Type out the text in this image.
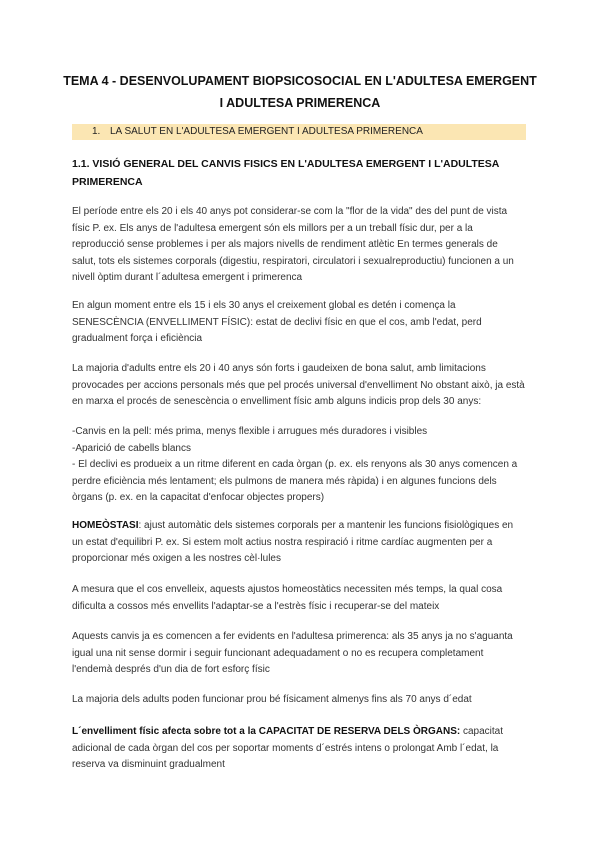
TEMA 4 - DESENVOLUPAMENT BIOPSICOSOCIAL EN L'ADULTESA EMERGENT
I ADULTESA PRIMERENCA
1. LA SALUT EN L'ADULTESA EMERGENT I ADULTESA PRIMERENCA
1.1. VISIÓ GENERAL DEL CANVIS FISICS EN L'ADULTESA EMERGENT I L'ADULTESA
PRIMERENCA
El període entre els 20 i els 40 anys pot considerar-se com la "flor de la vida" des del punt de vista
físic P. ex. Els anys de l'adultesa emergent són els millors per a un treball físic dur, per a la
reproducció sense problemes i per als majors nivells de rendiment atlètic En termes generals de
salut, tots els sistemes corporals (digestiu, respiratori, circulatori i sexualreproductiu) funcionen a un
nivell òptim durant l´adultesa emergent i primerenca
En algun moment entre els 15 i els 30 anys el creixement global es detén i comença la
SENESCÈNCIA (ENVELLIMENT FÍSIC): estat de declivi físic en que el cos, amb l'edat, perd
gradualment força i eficiència
La majoria d'adults entre els 20 i 40 anys són forts i gaudeixen de bona salut, amb limitacions
provocades per accions personals més que pel procés universal d'envelliment No obstant això, ja està
en marxa el procés de senescència o envelliment físic amb alguns indicis prop dels 30 anys:
-Canvis en la pell: més prima, menys flexible i arrugues més duradores i visibles
-Aparició de cabells blancs
- El declivi es produeix a un ritme diferent en cada òrgan (p. ex. els renyons als 30 anys comencen a
perdre eficiència més lentament; els pulmons de manera més ràpida) i en algunes funcions dels
òrgans (p. ex. en la capacitat d'enfocar objectes propers)
HOMEÒSTASI: ajust automàtic dels sistemes corporals per a mantenir les funcions fisiològiques en
un estat d'equilibri P. ex. Si estem molt actius nostra respiració i ritme cardíac augmenten per a
proporcionar més oxigen a les nostres cèl·lules
A mesura que el cos envelleix, aquests ajustos homeostàtics necessiten més temps, la qual cosa
dificulta a cossos més envellits l'adaptar-se a l'estrès físic i recuperar-se del mateix
Aquests canvis ja es comencen a fer evidents en l'adultesa primerenca: als 35 anys ja no s'aguanta
igual una nit sense dormir i seguir funcionant adequadament o no es recupera completament
l'endemà després d'un dia de fort esforç físic
La majoria dels adults poden funcionar prou bé físicament almenys fins als 70 anys d´edat
L´envelliment físic afecta sobre tot a la CAPACITAT DE RESERVA DELS ÒRGANS: capacitat
adicional de cada òrgan del cos per soportar moments d´estrés intens o prolongat Amb l´edat, la
reserva va disminuint gradualment
